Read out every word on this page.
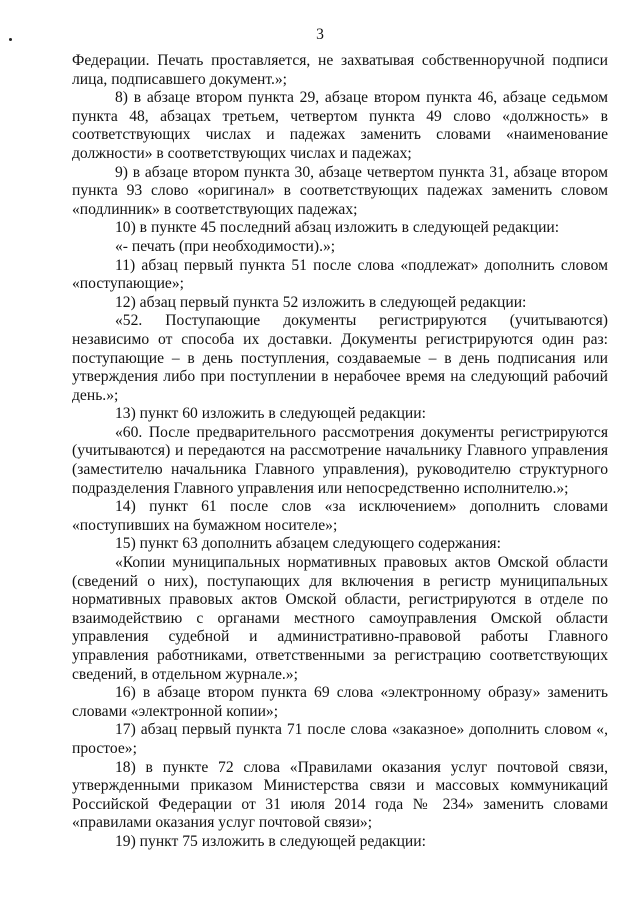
3

Федерации. Печать проставляется, не захватывая собственноручной подписи лица, подписавшего документ.»;

8) в абзаце втором пункта 29, абзаце втором пункта 46, абзаце седьмом пункта 48, абзацах третьем, четвертом пункта 49 слово «должность» в соответствующих числах и падежах заменить словами «наименование должности» в соответствующих числах и падежах;

9) в абзаце втором пункта 30, абзаце четвертом пункта 31, абзаце втором пункта 93 слово «оригинал» в соответствующих падежах заменить словом «подлинник» в соответствующих падежах;

10) в пункте 45 последний абзац изложить в следующей редакции:

«- печать (при необходимости).»;

11) абзац первый пункта 51 после слова «подлежат» дополнить словом «поступающие»;

12) абзац первый пункта 52 изложить в следующей редакции:

«52. Поступающие документы регистрируются (учитываются) независимо от способа их доставки. Документы регистрируются один раз: поступающие – в день поступления, создаваемые – в день подписания или утверждения либо при поступлении в нерабочее время на следующий рабочий день.»;

13) пункт 60 изложить в следующей редакции:

«60. После предварительного рассмотрения документы регистрируются (учитываются) и передаются на рассмотрение начальнику Главного управления (заместителю начальника Главного управления), руководителю структурного подразделения Главного управления или непосредственно исполнителю.»;

14) пункт 61 после слов «за исключением» дополнить словами «поступивших на бумажном носителе»;

15) пункт 63 дополнить абзацем следующего содержания:

«Копии муниципальных нормативных правовых актов Омской области (сведений о них), поступающих для включения в регистр муниципальных нормативных правовых актов Омской области, регистрируются в отделе по взаимодействию с органами местного самоуправления Омской области управления судебной и административно-правовой работы Главного управления работниками, ответственными за регистрацию соответствующих сведений, в отдельном журнале.»;

16) в абзаце втором пункта 69 слова «электронному образу» заменить словами «электронной копии»;

17) абзац первый пункта 71 после слова «заказное» дополнить словом «, простое»;

18) в пункте 72 слова «Правилами оказания услуг почтовой связи, утвержденными приказом Министерства связи и массовых коммуникаций Российской Федерации от 31 июля 2014 года № 234» заменить словами «правилами оказания услуг почтовой связи»;

19) пункт 75 изложить в следующей редакции:
